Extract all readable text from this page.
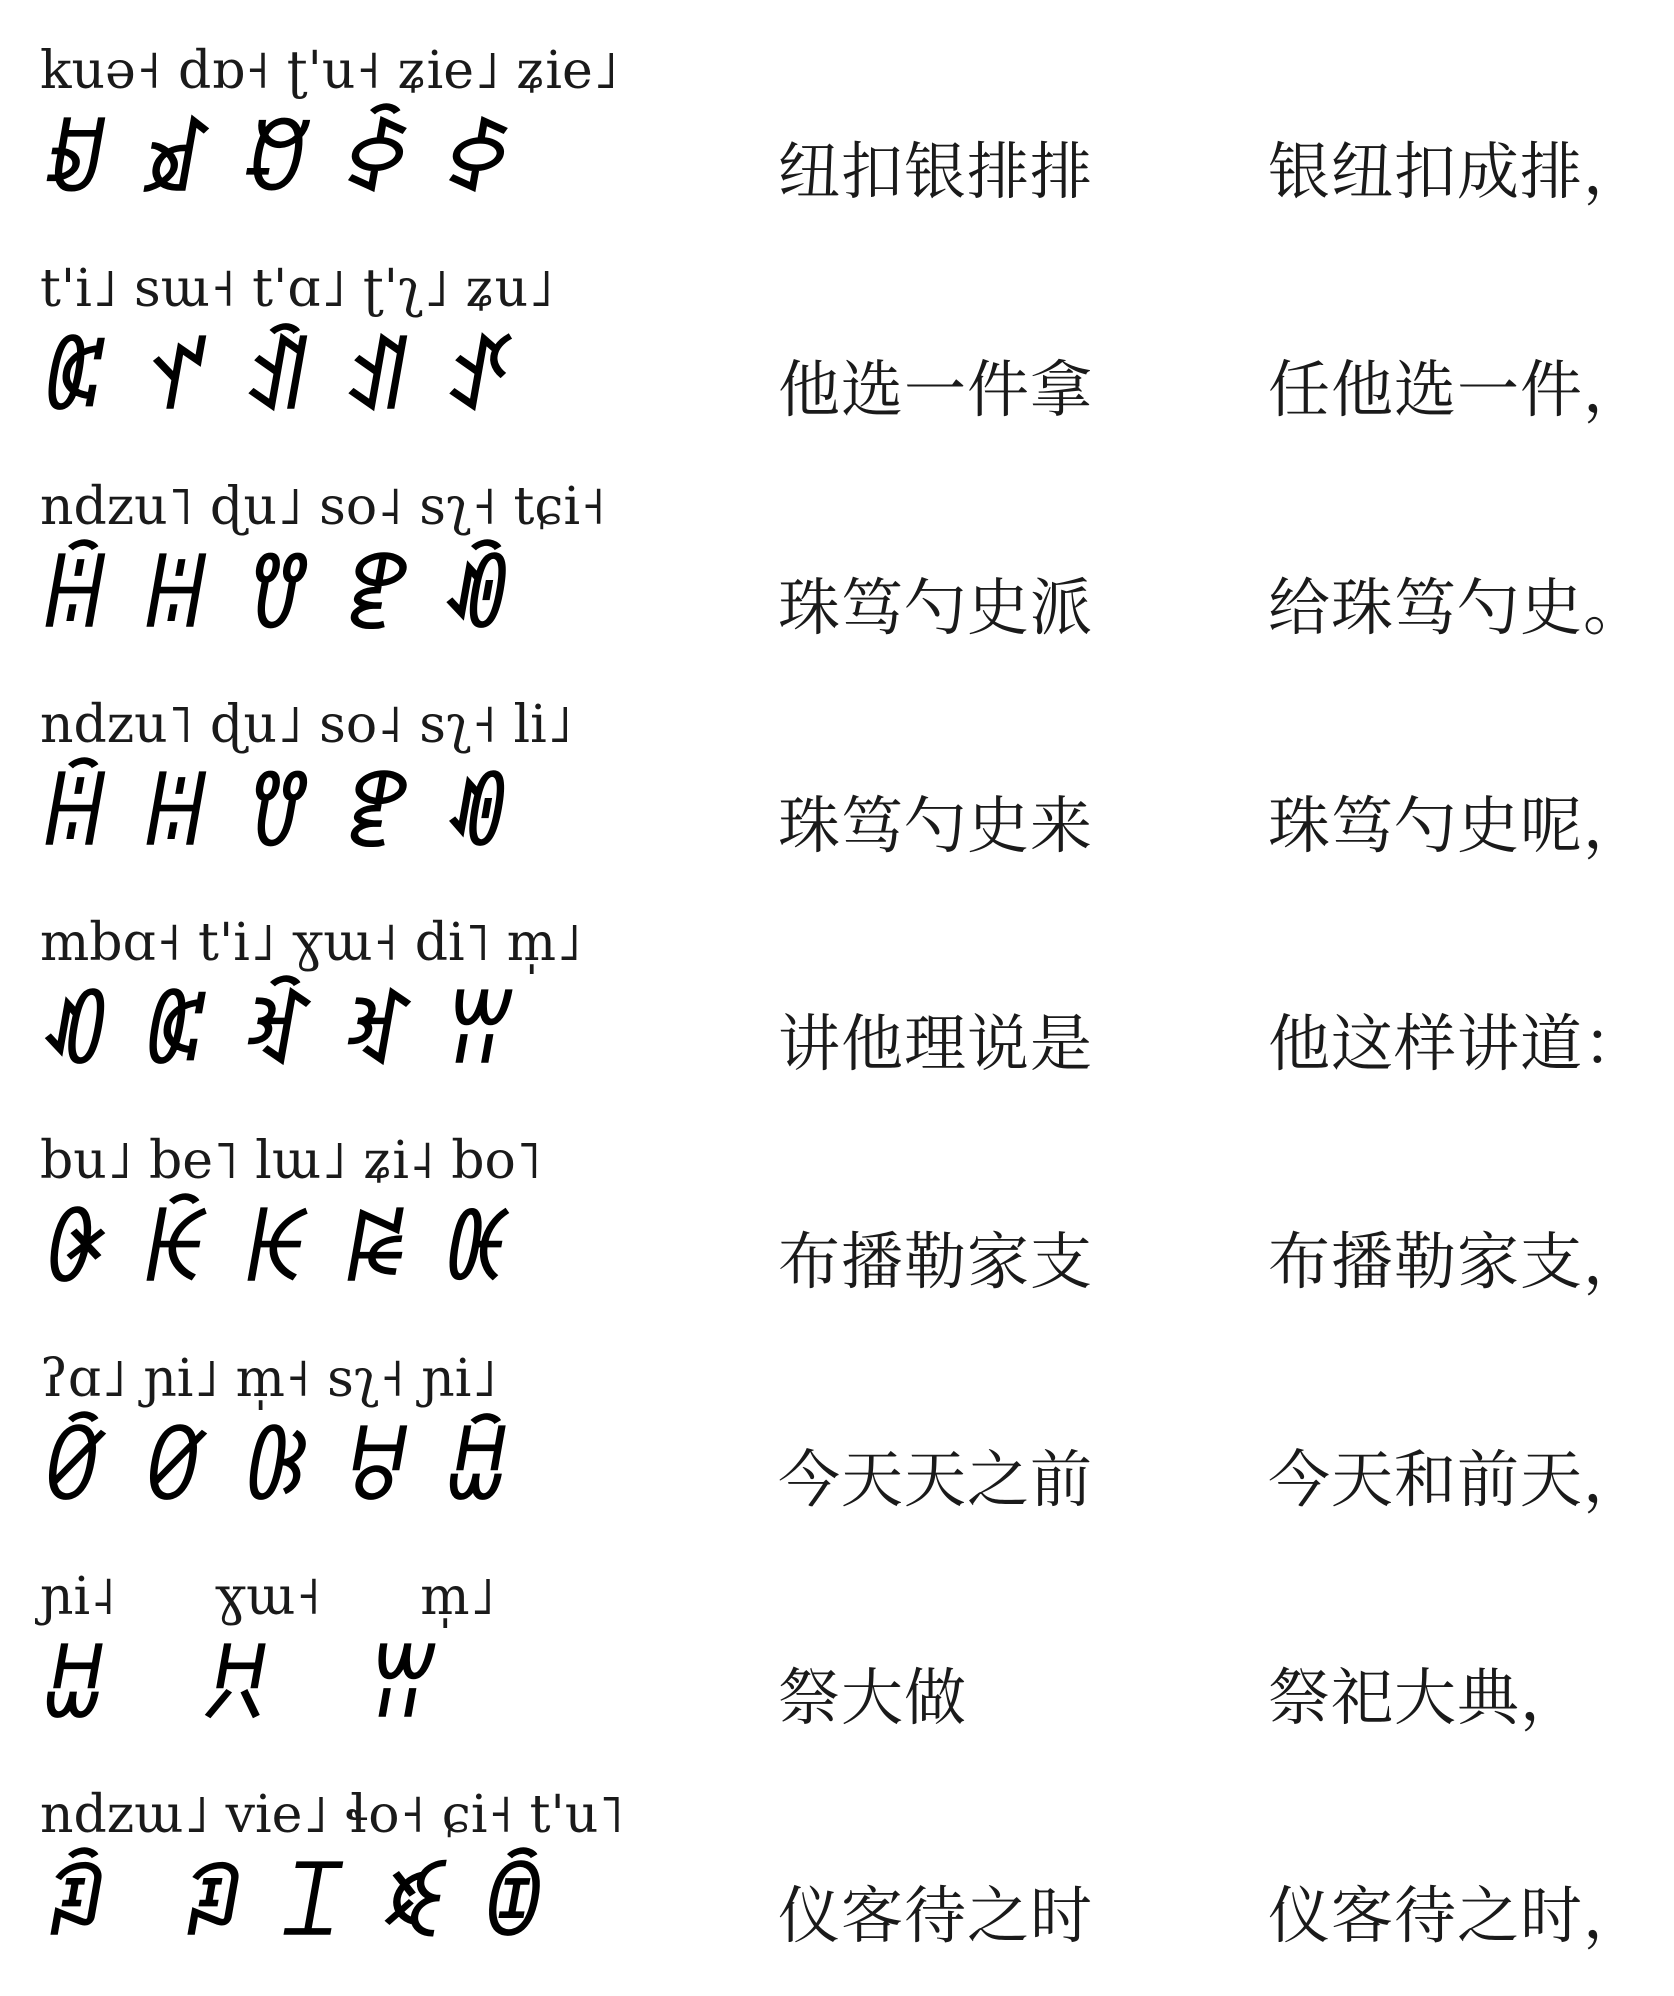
kuə˧ dɒ˧ ʈ'u˧ ʑie˩ ʑie˩
ꀂ ꀃ ꀄ ꀅ ꀆ	纽扣银排排	银纽扣成排，
t'i˩ sɯ˧ t'ɑ˩ ʈ'ʅ˩ ʑu˩
ꀇ ꀈ ꀉ ꀊ ꀋ	他选一件拿	任他选一件，
ndzu˥ ɖu˩ so˨ sʅ˧ tɕi˧
ꀌ ꀍ ꀎ ꀏ ꀐ	珠笃勺史派	给珠笃勺史。
ndzu˥ ɖu˩ so˨ sʅ˧ li˩
ꀌ ꀍ ꀎ ꀏ ꀑ	珠笃勺史来	珠笃勺史呢，
mbɑ˧ t'i˩ ɣɯ˧ di˥ m̩˩
ꀒ ꀇ ꀓ ꀔ ꀕ	讲他理说是	他这样讲道：
bu˩ be˥ lɯ˩ ʑi˨ bo˥
ꀖ ꀗ ꀘ ꀙ ꀚ	布播勒家支	布播勒家支，
ʔɑ˩ ɲi˩ m̩˧ sʅ˧ ɲi˩
ꀛ ꀜ ꀝ ꀞ ꀟ	今天天之前	今天和前天，
ɲi˨      ɣɯ˧      m̩˩
ꀠ ꀡ ꀕ	祭大做	祭祀大典，
ndzɯ˩ vie˩ ɬo˧ ɕi˧ t'u˥
ꀢ ꀣ ꀤ ꀥ ꀦ	仪客待之时	仪客待之时，
